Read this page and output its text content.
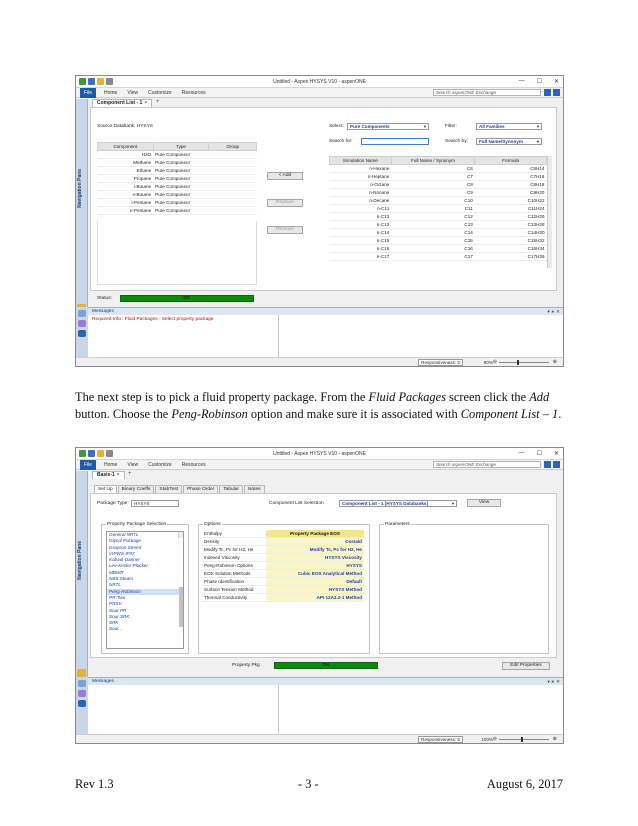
Untitled - Aspen HYSYS V10 - aspenONE	— ☐ ✕
File	Home View Customize Resources	Search aspenONE Exchange
Navigation Pane
Component List - 1 ×	+
Source Databank: HYSYS	Select:	Pure Components	▼	Filter:	All Families	▼
Search for:	Search by:	Full Name/Synonym	▼
Component	Type	Group
H2O	Pure Component	
Methane	Pure Component	
Ethane	Pure Component	
Propane	Pure Component	
i-Butane	Pure Component	
n-Butane	Pure Component	
i-Pentane	Pure Component	
n-Pentane	Pure Component	
< Add
Replace
Remove
Simulation Name	Full Name / Synonym	Formula
n-Hexane	C6	C6H14
n-Heptane	C7	C7H16
n-Octane	C8	C8H18
n-Nonane	C9	C9H20
n-Decane	C10	C10H22
n-C11	C11	C11H24
n-C12	C12	C12H26
n-C13	C13	C13H28
n-C14	C14	C14H30
n-C15	C15	C15H32
n-C16	C16	C16H34
n-C17	C17	C17H36
Status:	OK
Messages	▾ ∗ ✕
Required Info : Fluid Packages - Select property package
Responsiveness: 5	90% ⊖	⊕
The next step is to pick a fluid property package. From the Fluid Packages screen click the Add button. Choose the Peng-Robinson option and make sure it is associated with Component List – 1.
Untitled - Aspen HYSYS V10 - aspenONE	— ☐ ✕
File	Home View Customize Resources	Search aspenONE Exchange
Navigation Pane
Basis-1 ×	+
Set Up	Binary Coeffs	StabTest	Phase Order	Tabular	Notes
Package Type:	HYSYS	Component List Selection	Component List - 1 [HYSYS Databanks]	▼	View
Property Package Selection
General NRTL
Glycol Package
Grayson Streed
IAPWS-IF97
Kabadi-Danner
Lee-Kesler-Plocker
MBWR
NBS Steam
NRTL
Peng-Robinson
PR-Twu
PRSV
Sour PR
Sour SRK
SRK
Sour...
Options
Enthalpy	Property Package EOS
Density	Costald
Modify Tc, Pc for H2, He	Modify Tc, Pc for H2, He
Indexed Viscosity	HYSYS Viscosity
Peng-Robinson Options	HYSYS
EOS Solution Methods	Cubic EOS Analytical Method
Phase Identification	Default
Surface Tension Method	HYSYS Method
Thermal Conductivity	API 12A3.2-1 Method
Parameters
Property Pkg	OK	Edit Properties
Messages	▾ ∗ ✕
Responsiveness: 5	100% ⊖	⊕
Rev 1.3	- 3 -	August 6, 2017
